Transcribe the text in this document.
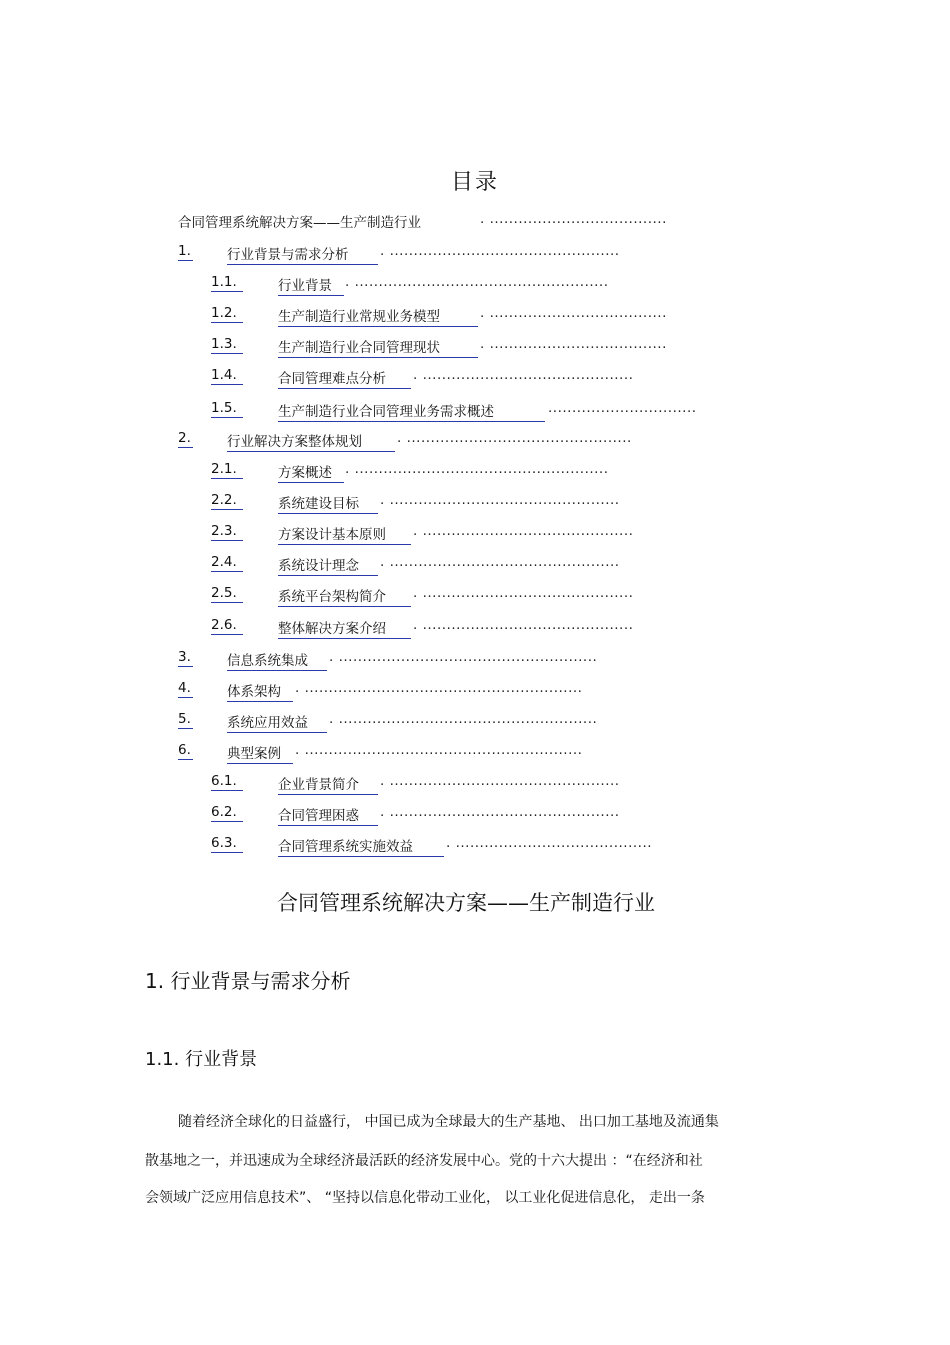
目录
合同管理系统解决方案——生产制造行业	. .....................................
1.	行业背景与需求分析	. ................................................
1.1.	行业背景 . .....................................................
1.2.	生产制造行业常规业务模型	. .....................................
1.3.	生产制造行业合同管理现状	. .....................................
1.4.	合同管理难点分析	. ............................................
1.5.	生产制造行业合同管理业务需求概述	...............................
2.	行业解决方案整体规划	. ...............................................
2.1.	方案概述 . .....................................................
2.2.	系统建设目标	. ................................................
2.3.	方案设计基本原则	. ............................................
2.4.	系统设计理念	. ................................................
2.5.	系统平台架构简介	. ............................................
2.6.	整体解决方案介绍	. ............................................
3.	信息系统集成	. ......................................................
4.	体系架构	. ..........................................................
5.	系统应用效益	. ......................................................
6.	典型案例	. ..........................................................
6.1.	企业背景简介	. ................................................
6.2.	合同管理困惑	. ................................................
6.3.	合同管理系统实施效益	. .........................................
合同管理系统解决方案——生产制造行业
1. 行业背景与需求分析
1.1. 行业背景
随着经济全球化的日益盛行， 中国已成为全球最大的生产基地、 出口加工基地及流通集
散基地之一，并迅速成为全球经济最活跃的经济发展中心。党的十六大提出 ：“在经济和社
会领域广泛应用信息技术”、 “坚持以信息化带动工业化， 以工业化促进信息化， 走出一条
